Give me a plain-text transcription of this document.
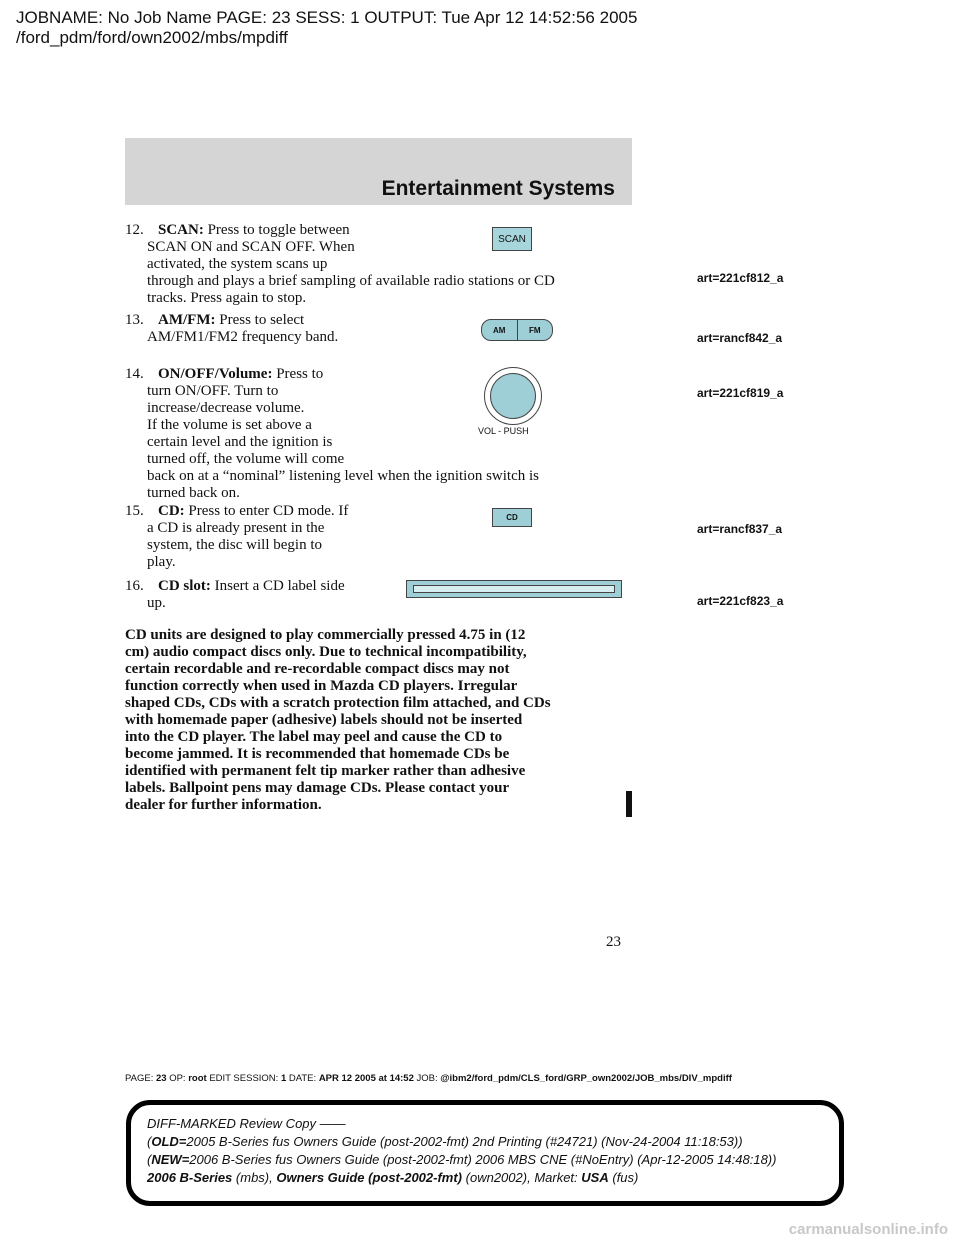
JOBNAME: No Job Name PAGE: 23 SESS: 1 OUTPUT: Tue Apr 12 14:52:56 2005
/ford_pdm/ford/own2002/mbs/mpdiff
Entertainment Systems
12. SCAN: Press to toggle between
SCAN ON and SCAN OFF. When
activated, the system scans up
through and plays a brief sampling of available radio stations or CD
tracks. Press again to stop.
SCAN
art=221cf812_a
13. AM/FM: Press to select
AM/FM1/FM2 frequency band.	AM	FM
art=rancf842_a
14. ON/OFF/Volume: Press to
turn ON/OFF. Turn to
increase/decrease volume.
If the volume is set above a
certain level and the ignition is
turned off, the volume will come
back on at a “nominal” listening level when the ignition switch is
turned back on.
VOL - PUSH
art=221cf819_a
15. CD: Press to enter CD mode. If
a CD is already present in the
system, the disc will begin to
play.
CD
art=rancf837_a
16. CD slot: Insert a CD label side
up.	art=221cf823_a
CD units are designed to play commercially pressed 4.75 in (12
cm) audio compact discs only. Due to technical incompatibility,
certain recordable and re-recordable compact discs may not
function correctly when used in Mazda CD players. Irregular
shaped CDs, CDs with a scratch protection film attached, and CDs
with homemade paper (adhesive) labels should not be inserted
into the CD player. The label may peel and cause the CD to
become jammed. It is recommended that homemade CDs be
identified with permanent felt tip marker rather than adhesive
labels. Ballpoint pens may damage CDs. Please contact your
dealer for further information.
23
PAGE: 23 OP: root EDIT SESSION: 1 DATE: APR 12 2005 at 14:52 JOB: @ibm2/ford_pdm/CLS_ford/GRP_own2002/JOB_mbs/DIV_mpdiff
DIFF-MARKED Review Copy ——
(OLD=2005 B-Series fus Owners Guide (post-2002-fmt) 2nd Printing (#24721) (Nov-24-2004 11:18:53))
(NEW=2006 B-Series fus Owners Guide (post-2002-fmt) 2006 MBS CNE (#NoEntry) (Apr-12-2005 14:48:18))
2006 B-Series (mbs), Owners Guide (post-2002-fmt) (own2002), Market: USA (fus)
carmanualsonline.info
